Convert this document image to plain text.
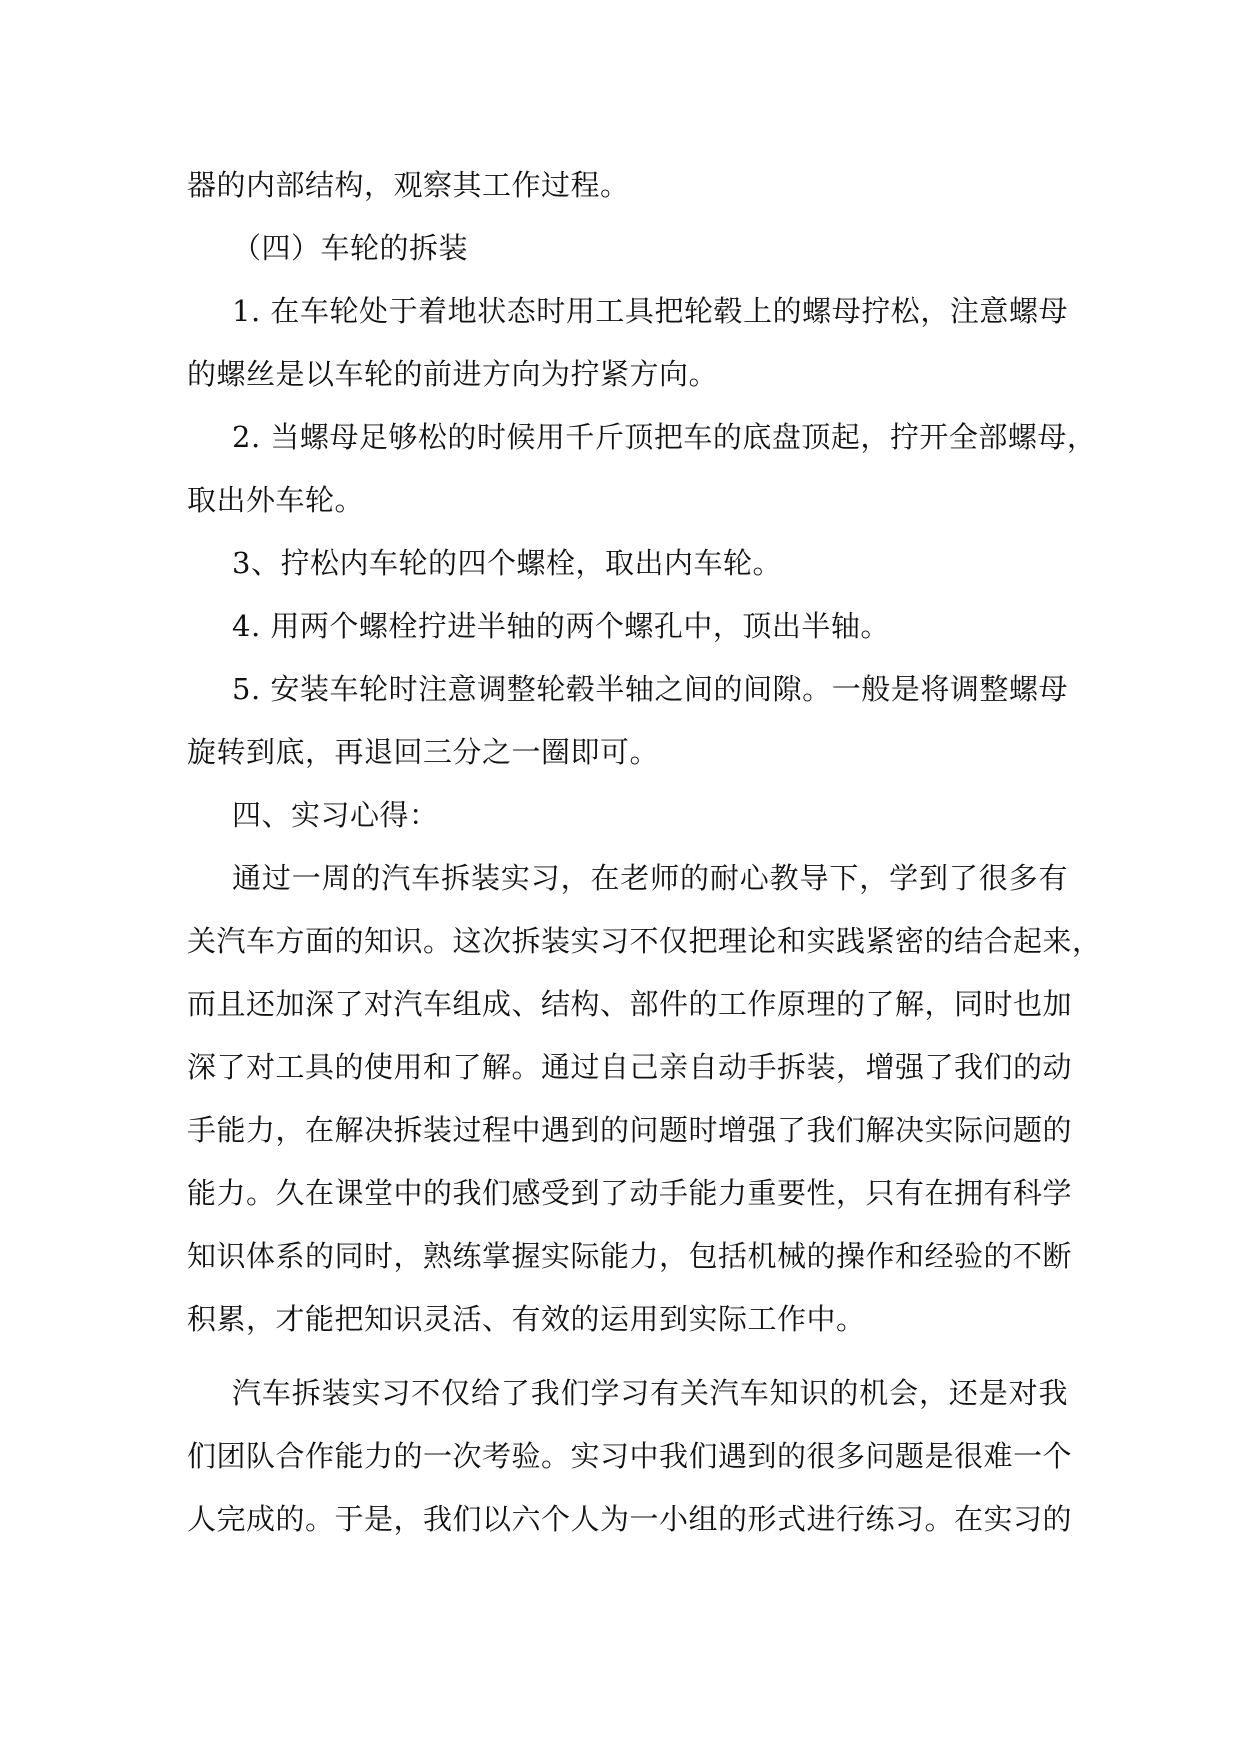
器的内部结构，观察其工作过程。
（四）车轮的拆装
1. 在车轮处于着地状态时用工具把轮毂上的螺母拧松，注意螺母
的螺丝是以车轮的前进方向为拧紧方向。
2. 当螺母足够松的时候用千斤顶把车的底盘顶起，拧开全部螺母，
取出外车轮。
3、拧松内车轮的四个螺栓，取出内车轮。
4. 用两个螺栓拧进半轴的两个螺孔中，顶出半轴。
5. 安装车轮时注意调整轮毂半轴之间的间隙。一般是将调整螺母
旋转到底，再退回三分之一圈即可。
四、实习心得：
通过一周的汽车拆装实习，在老师的耐心教导下，学到了很多有
关汽车方面的知识。这次拆装实习不仅把理论和实践紧密的结合起来，
而且还加深了对汽车组成、结构、部件的工作原理的了解，同时也加
深了对工具的使用和了解。通过自己亲自动手拆装，增强了我们的动
手能力，在解决拆装过程中遇到的问题时增强了我们解决实际问题的
能力。久在课堂中的我们感受到了动手能力重要性，只有在拥有科学
知识体系的同时，熟练掌握实际能力，包括机械的操作和经验的不断
积累，才能把知识灵活、有效的运用到实际工作中。
汽车拆装实习不仅给了我们学习有关汽车知识的机会，还是对我
们团队合作能力的一次考验。实习中我们遇到的很多问题是很难一个
人完成的。于是，我们以六个人为一小组的形式进行练习。在实习的
